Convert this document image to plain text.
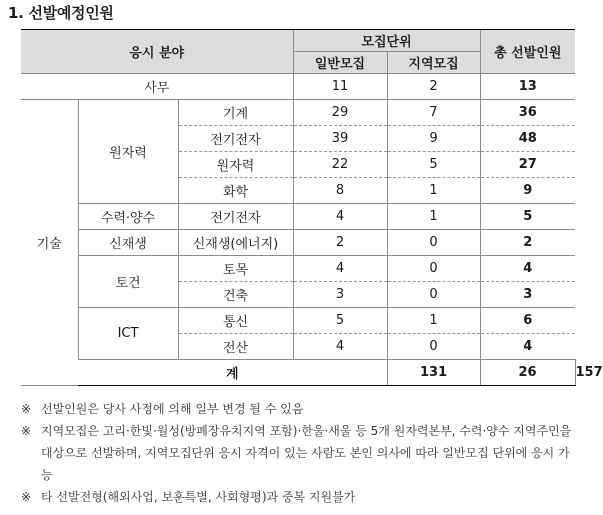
1. 선발예정인원
응시 분야			모집단위		총 선발인원	
			일반모집	지역모집		
사무			11	2	13	
기술	원자력	기계	29	7	36	
		전기전자	39	9	48	
		원자력	22	5	27	
		화학	8	1	9	
	수력·양수	전기전자	4	1	5	
	신재생	신재생(에너지)	2	0	2	
	토건	토목	4	0	4	
		건축	3	0	3	
	ICT	통신	5	1	6	
		전산	4	0	4	
	계			131	26	157
※ 선발인원은 당사 사정에 의해 일부 변경 될 수 있음
※ 지역모집은 고리·한빛·월성(방폐장유치지역 포함)·한울·새울 등 5개 원자력본부, 수력·양수 지역주민을 대상으로 선발하며, 지역모집단위 응시 자격이 있는 사람도 본인 의사에 따라 일반모집 단위에 응시 가능
※ 타 선발전형(해외사업, 보훈특별, 사회형평)과 중복 지원불가
